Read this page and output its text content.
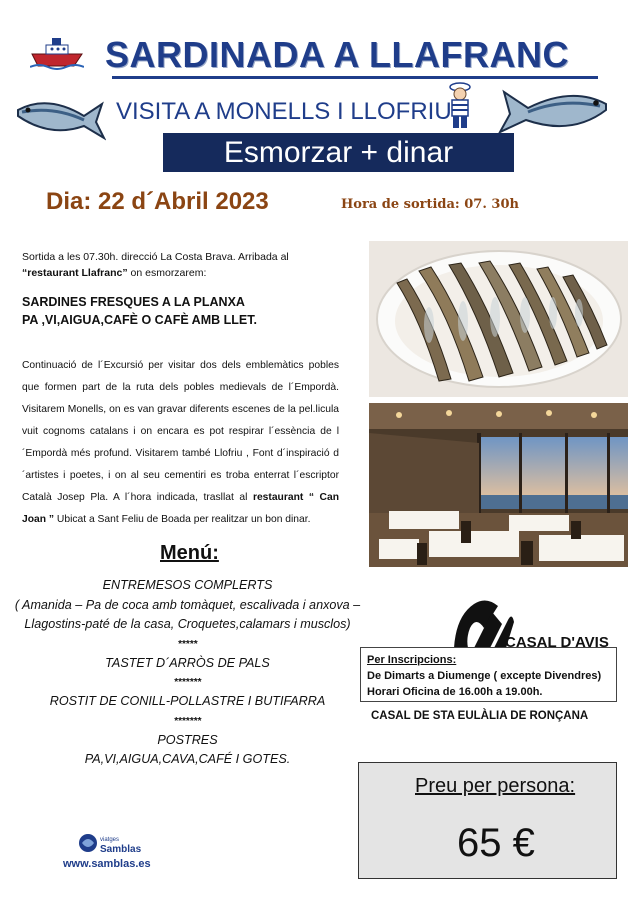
SARDINADA A LLAFRANC
VISITA A MONELLS I LLOFRIU
Esmorzar + dinar
Dia: 22 d´Abril 2023	Hora de sortida: 07. 30h
Sortida a les 07.30h. direcció La Costa Brava. Arribada al
“restaurant Llafranc” on esmorzarem:
SARDINES FRESQUES A LA PLANXA
PA ,VI,AIGUA,CAFÈ O CAFÈ AMB LLET.
Continuació de l´Excursió per visitar dos dels emblemàtics pobles que formen part de la ruta dels pobles medievals de l´Empordà. Visitarem Monells, on es van gravar diferents escenes de la pel.licula vuit cognoms catalans i on encara es pot respirar l´essència de l´Empordà més profund. Visitarem també Llofriu , Font d´inspiració d´artistes i poetes, i on al seu cementiri es troba enterrat l´escriptor Català Josep Pla. A l´hora indicada, trasllat al restaurant “ Can Joan ” Ubicat a Sant Feliu de Boada per realitzar un bon dinar.
Menú:
ENTREMESOS COMPLERTS
( Amanida – Pa de coca amb tomàquet, escalivada i anxova –
Llagostins-paté de la casa, Croquetes,calamars i musclos)
*****
TASTET D´ARRÒS DE PALS
*******
ROSTIT DE CONILL-POLLASTRE I BUTIFARRA
*******
POSTRES
PA,VI,AIGUA,CAVA,CAFÉ I GOTES.
CASAL D'AVIS
Per Inscripcions:
De Dimarts a Diumenge ( excepte Divendres)
Horari Oficina de 16.00h a 19.00h.
CASAL DE STA EULÀLIA DE RONÇANA
Preu per persona:
65 €
viatges
Samblas
www.samblas.es
